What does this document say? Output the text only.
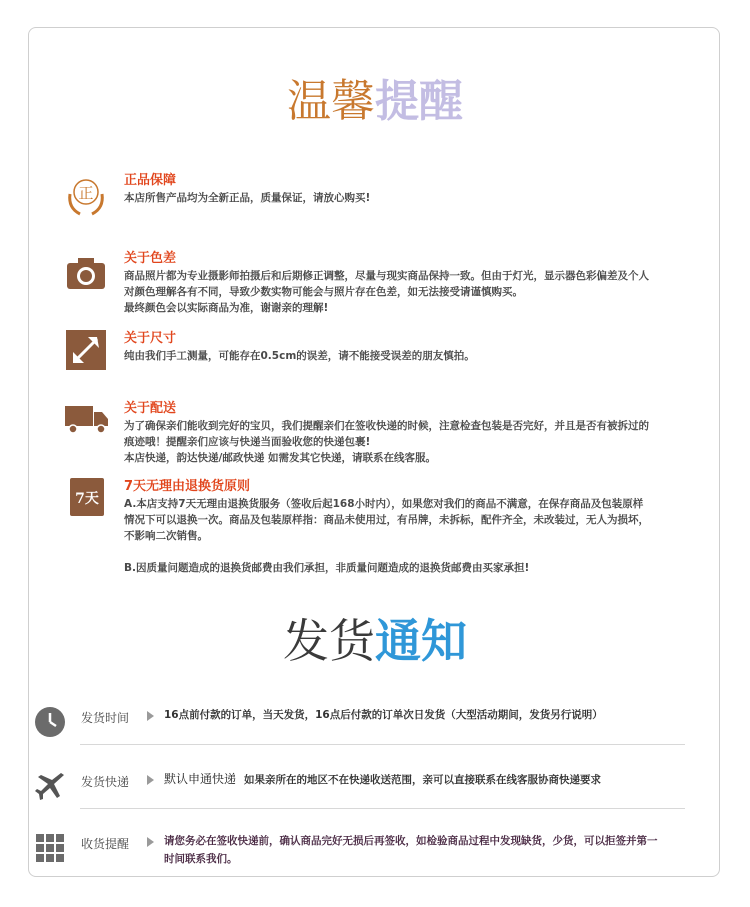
温馨提醒
正
正品保障

本店所售产品均为全新正品，质量保证，请放心购买!

关于色差

商品照片都为专业摄影师拍摄后和后期修正调整，尽量与现实商品保持一致。但由于灯光，显示器色彩偏差及个人

对颜色理解各有不同，导致少数实物可能会与照片存在色差，如无法接受请谨慎购买。

最终颜色会以实际商品为准，谢谢亲的理解!

关于尺寸

纯由我们手工测量，可能存在0.5cm的误差，请不能接受误差的朋友慎拍。

关于配送

为了确保亲们能收到完好的宝贝，我们提醒亲们在签收快递的时候，注意检查包装是否完好，并且是否有被拆过的

痕迹哦！提醒亲们应该与快递当面验收您的快递包裹!

本店快递，韵达快递/邮政快递 如需发其它快递，请联系在线客服。

7天
7天无理由退换货原则

A.本店支持7天无理由退换货服务（签收后起168小时内），如果您对我们的商品不满意，在保存商品及包装原样

情况下可以退换一次。商品及包装原样指：商品未使用过，有吊牌，未拆标，配件齐全，未改装过，无人为损坏，

不影响二次销售。

B.因质量问题造成的退换货邮费由我们承担，非质量问题造成的退换货邮费由买家承担!

发货通知
发货时间	16点前付款的订单，当天发货，16点后付款的订单次日发货（大型活动期间，发货另行说明）
发货快递	默认申通快递 如果亲所在的地区不在快递收送范围，亲可以直接联系在线客服协商快递要求
收货提醒	请您务必在签收快递前，确认商品完好无损后再签收，如检验商品过程中发现缺货，少货，可以拒签并第一时间联系我们。
